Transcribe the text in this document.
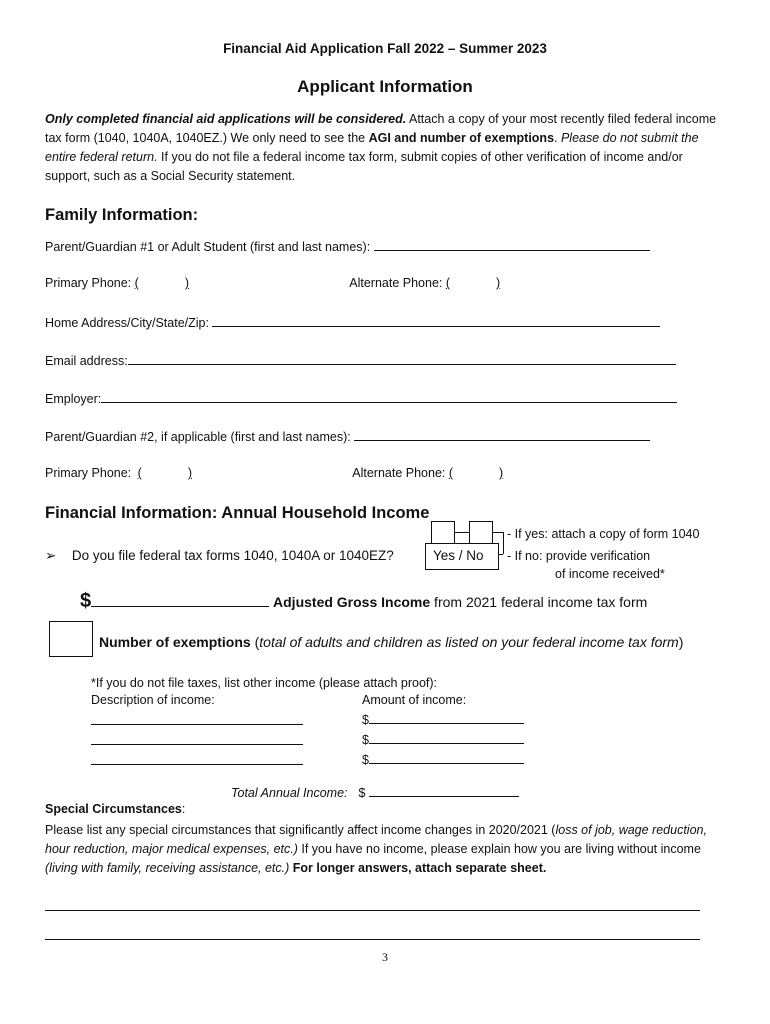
Financial Aid Application Fall 2022 – Summer 2023
Applicant Information
Only completed financial aid applications will be considered. Attach a copy of your most recently filed federal income tax form (1040, 1040A, 1040EZ.) We only need to see the AGI and number of exemptions. Please do not submit the entire federal return. If you do not file a federal income tax form, submit copies of other verification of income and/or support, such as a Social Security statement.
Family Information:
Parent/Guardian #1 or Adult Student (first and last names):
Primary Phone: (	)	Alternate Phone: (	)
Home Address/City/State/Zip:
Email address:
Employer:
Parent/Guardian #2, if applicable (first and last names):
Primary Phone: (	)	Alternate Phone: (	)
Financial Information: Annual Household Income
Yes / No
- If yes: attach a copy of form 1040
- If no: provide verification
of income received*
➢ Do you file federal tax forms 1040, 1040A or 1040EZ?
$	Adjusted Gross Income from 2021 federal income tax form
Number of exemptions (total of adults and children as listed on your federal income tax form)
*If you do not file taxes, list other income (please attach proof):
Description of income:	Amount of income:
$
$
$
Total Annual Income: $
Special Circumstances:
Please list any special circumstances that significantly affect income changes in 2020/2021 (loss of job, wage reduction, hour reduction, major medical expenses, etc.) If you have no income, please explain how you are living without income (living with family, receiving assistance, etc.) For longer answers, attach separate sheet.
3
